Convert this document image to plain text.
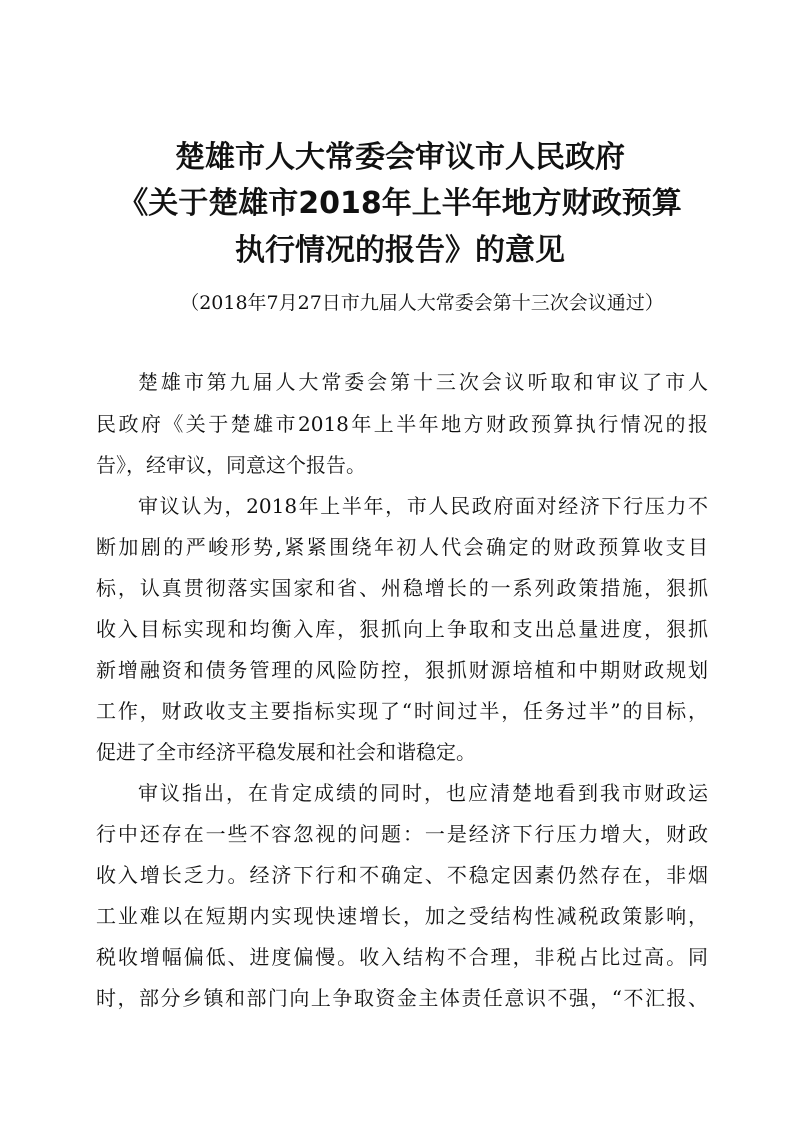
楚雄市人大常委会审议市人民政府
《关于楚雄市2018年上半年地方财政预算
执行情况的报告》的意见
（2018年7月27日市九届人大常委会第十三次会议通过）
楚雄市第九届人大常委会第十三次会议听取和审议了市人
民政府《关于楚雄市2018年上半年地方财政预算执行情况的报
告》，经审议，同意这个报告。
审议认为，2018年上半年，市人民政府面对经济下行压力不
断加剧的严峻形势,紧紧围绕年初人代会确定的财政预算收支目
标，认真贯彻落实国家和省、州稳增长的一系列政策措施，狠抓
收入目标实现和均衡入库，狠抓向上争取和支出总量进度，狠抓
新增融资和债务管理的风险防控，狠抓财源培植和中期财政规划
工作，财政收支主要指标实现了“时间过半，任务过半”的目标，
促进了全市经济平稳发展和社会和谐稳定。
审议指出，在肯定成绩的同时，也应清楚地看到我市财政运
行中还存在一些不容忽视的问题：一是经济下行压力增大，财政
收入增长乏力。经济下行和不确定、不稳定因素仍然存在，非烟
工业难以在短期内实现快速增长，加之受结构性减税政策影响，
税收增幅偏低、进度偏慢。收入结构不合理，非税占比过高。同
时，部分乡镇和部门向上争取资金主体责任意识不强，“不汇报、
